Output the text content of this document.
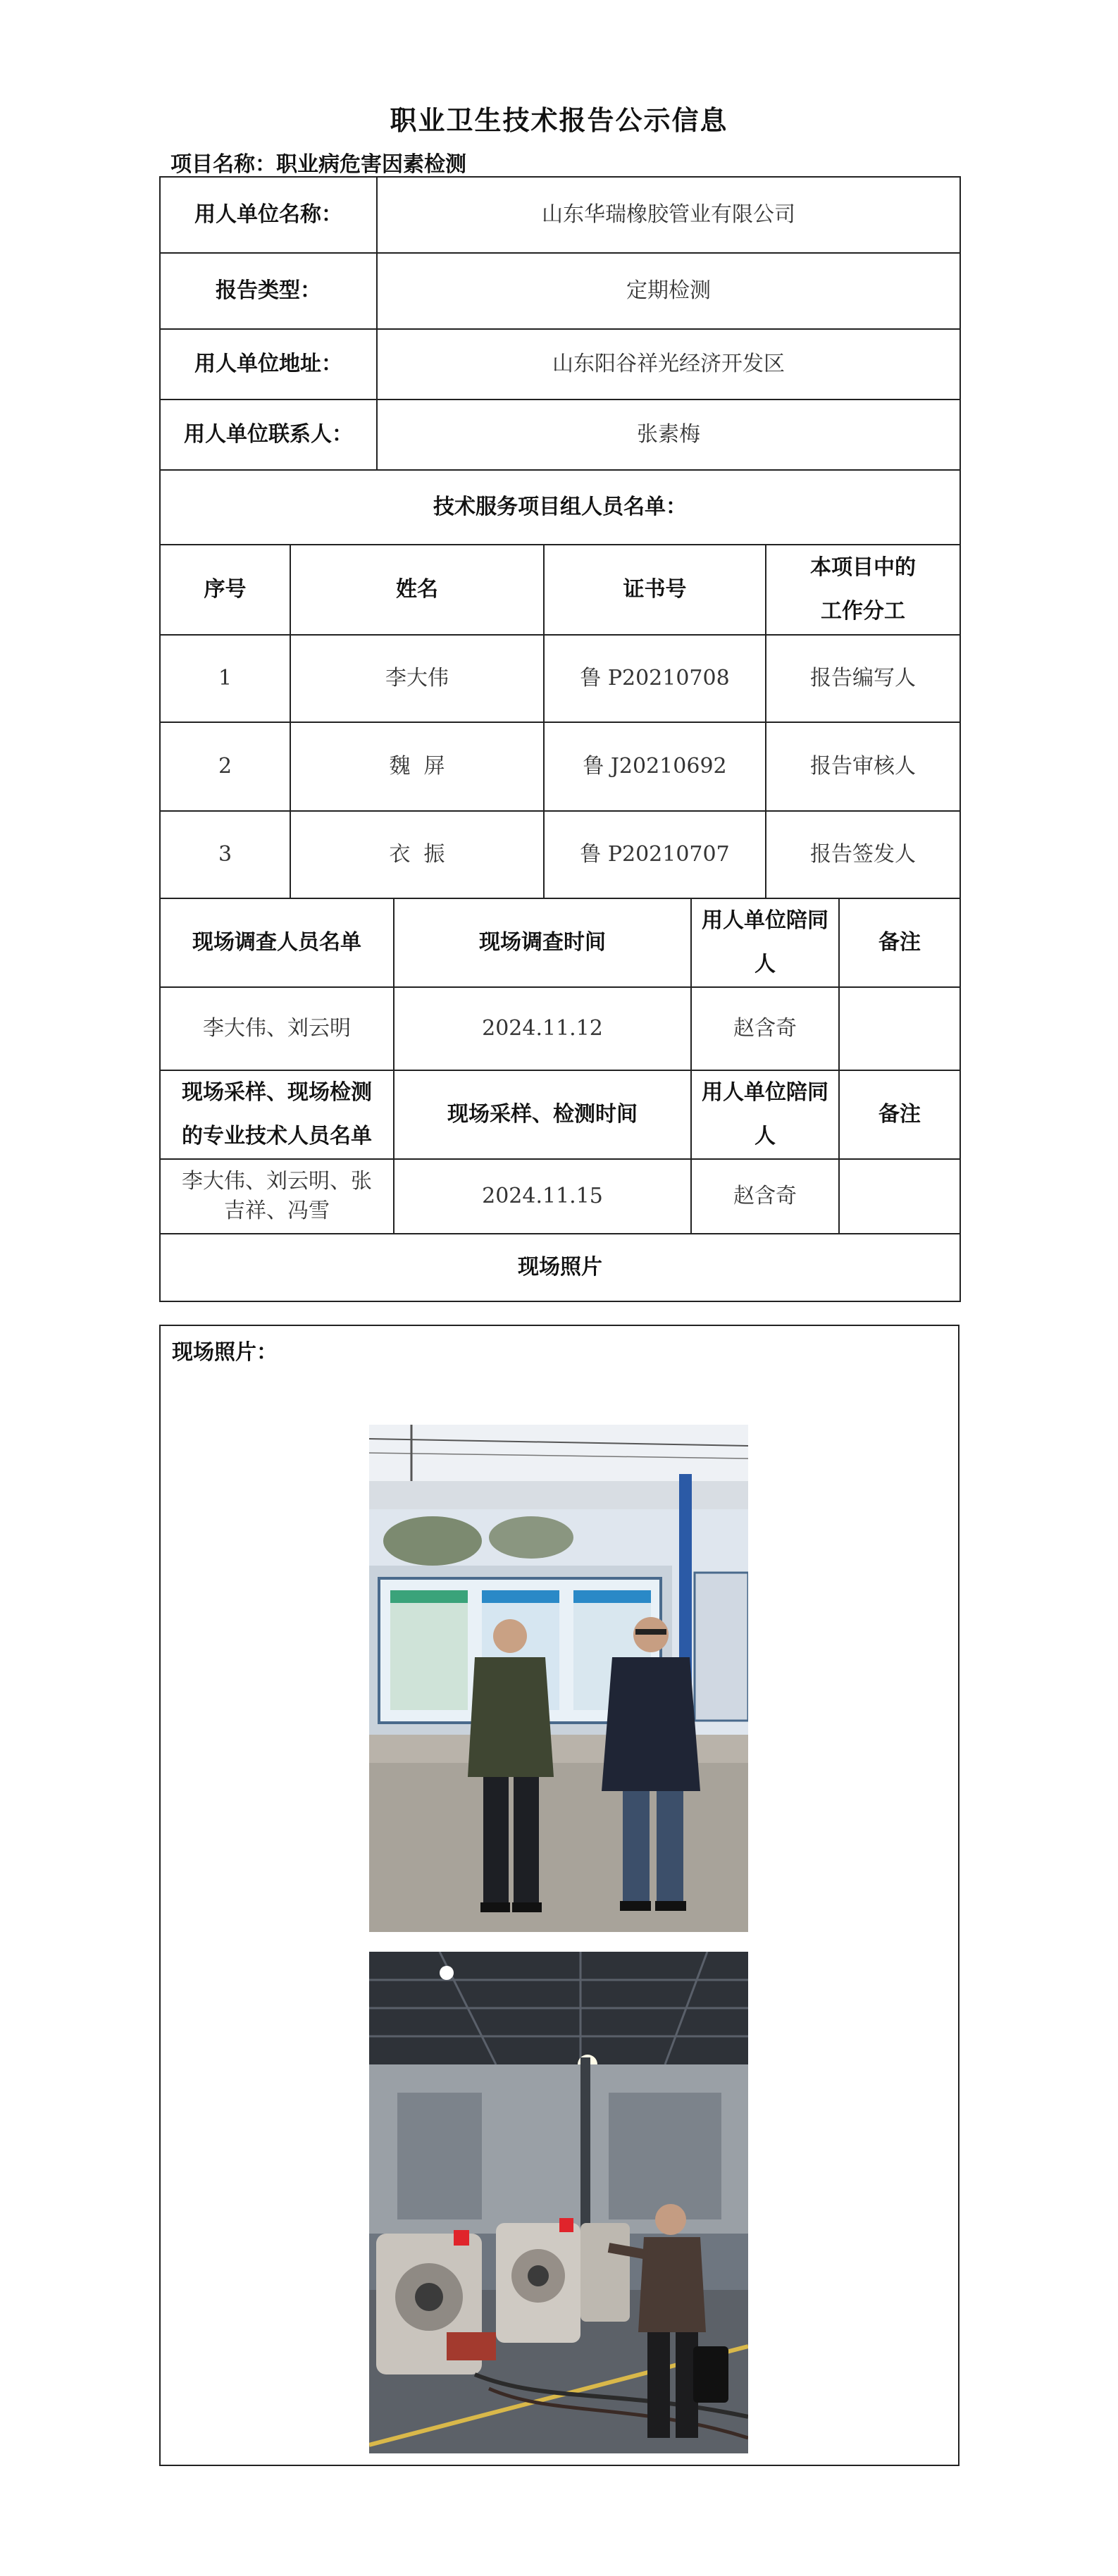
职业卫生技术报告公示信息
项目名称：职业病危害因素检测
用人单位名称：	山东华瑞橡胶管业有限公司
报告类型：	定期检测
用人单位地址：	山东阳谷祥光经济开发区
用人单位联系人：	张素梅
技术服务项目组人员名单：	
序号	姓名	证书号	本项目中的工作分工
1	李大伟	鲁 P20210708	报告编写人
2	魏  屏	鲁 J20210692	报告审核人
3	衣  振	鲁 P20210707	报告签发人
现场调查人员名单	现场调查时间	用人单位陪同人	备注
李大伟、刘云明	2024.11.12	赵含奇	
现场采样、现场检测的专业技术人员名单	现场采样、检测时间	用人单位陪同人	备注
李大伟、刘云明、张吉祥、冯雪	2024.11.15	赵含奇	
现场照片			
现场照片：
